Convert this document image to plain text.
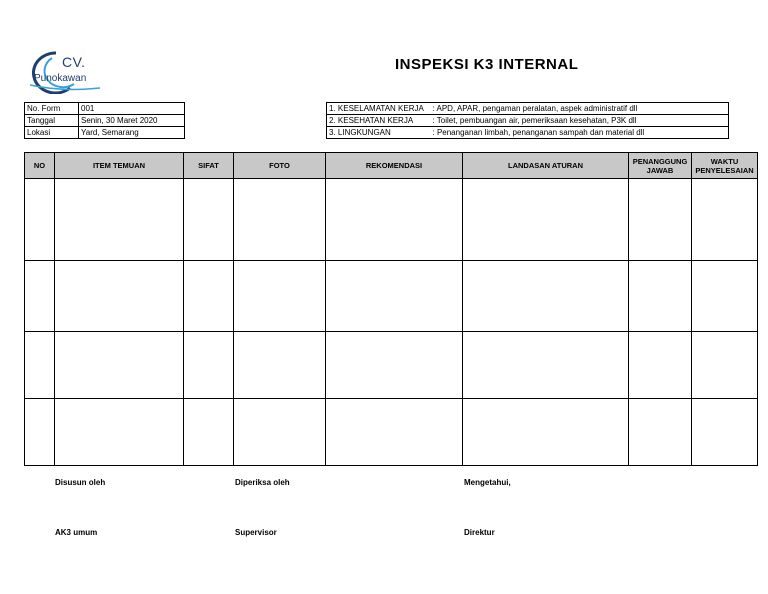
CV.
Punokawan
INSPEKSI K3 INTERNAL
No. Form	001
Tanggal	Senin, 30 Maret 2020
Lokasi	Yard, Semarang
1. KESELAMATAN KERJA	: APD, APAR, pengaman peralatan, aspek administratif dll
2. KESEHATAN KERJA	: Toilet, pembuangan air, pemeriksaan kesehatan, P3K dll
3. LINGKUNGAN	: Penanganan limbah, penanganan sampah dan material dll
NO	ITEM TEMUAN	SIFAT	FOTO	REKOMENDASI	LANDASAN ATURAN	PENANGGUNG JAWAB	WAKTU PENYELESAIAN

Disusun oleh	Diperiksa oleh	Mengetahui,
AK3 umum	Supervisor	Direktur
